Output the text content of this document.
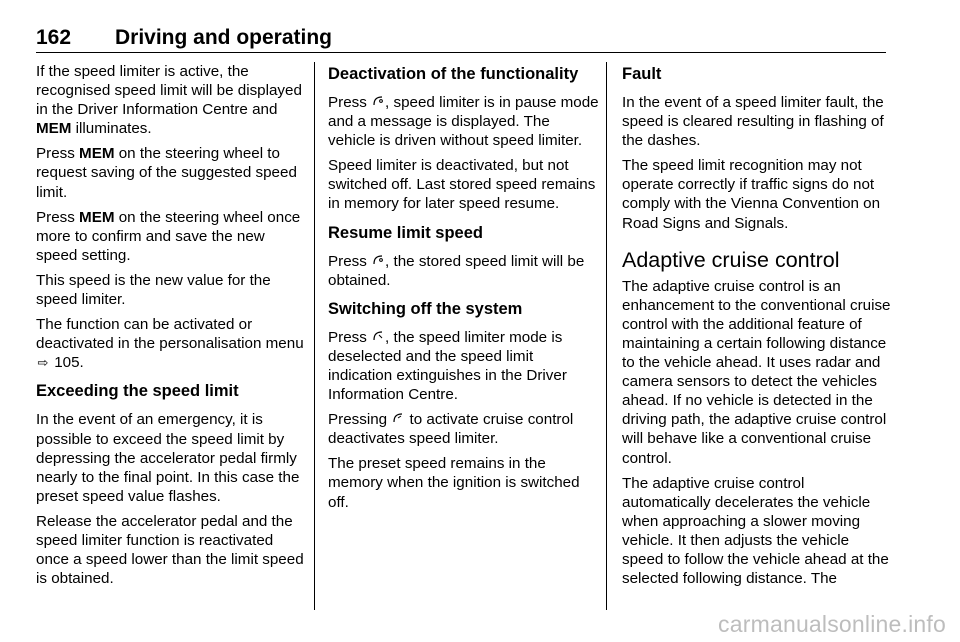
162 Driving and operating

If the speed limiter is active, the recognised speed limit will be displayed in the Driver Information Centre and MEM illuminates.

Press MEM on the steering wheel to request saving of the suggested speed limit.

Press MEM on the steering wheel once more to confirm and save the new speed setting.

This speed is the new value for the speed limiter.

The function can be activated or deactivated in the personalisation menu ⇨ 105.

Exceeding the speed limit

In the event of an emergency, it is possible to exceed the speed limit by depressing the accelerator pedal firmly nearly to the final point. In this case the preset speed value flashes.

Release the accelerator pedal and the speed limiter function is reactivated once a speed lower than the limit speed is obtained.

Deactivation of the functionality

Press , speed limiter is in pause mode and a message is displayed. The vehicle is driven without speed limiter.

Speed limiter is deactivated, but not switched off. Last stored speed remains in memory for later speed resume.

Resume limit speed

Press , the stored speed limit will be obtained.

Switching off the system

Press , the speed limiter mode is deselected and the speed limit indication extinguishes in the Driver Information Centre.

Pressing  to activate cruise control deactivates speed limiter.

The preset speed remains in the memory when the ignition is switched off.

Fault

In the event of a speed limiter fault, the speed is cleared resulting in flashing of the dashes.

The speed limit recognition may not operate correctly if traffic signs do not comply with the Vienna Convention on Road Signs and Signals.

Adaptive cruise control

The adaptive cruise control is an enhancement to the conventional cruise control with the additional feature of maintaining a certain following distance to the vehicle ahead. It uses radar and camera sensors to detect the vehicles ahead. If no vehicle is detected in the driving path, the adaptive cruise control will behave like a conventional cruise control.

The adaptive cruise control automatically decelerates the vehicle when approaching a slower moving vehicle. It then adjusts the vehicle speed to follow the vehicle ahead at the selected following distance. The

carmanualsonline.info
